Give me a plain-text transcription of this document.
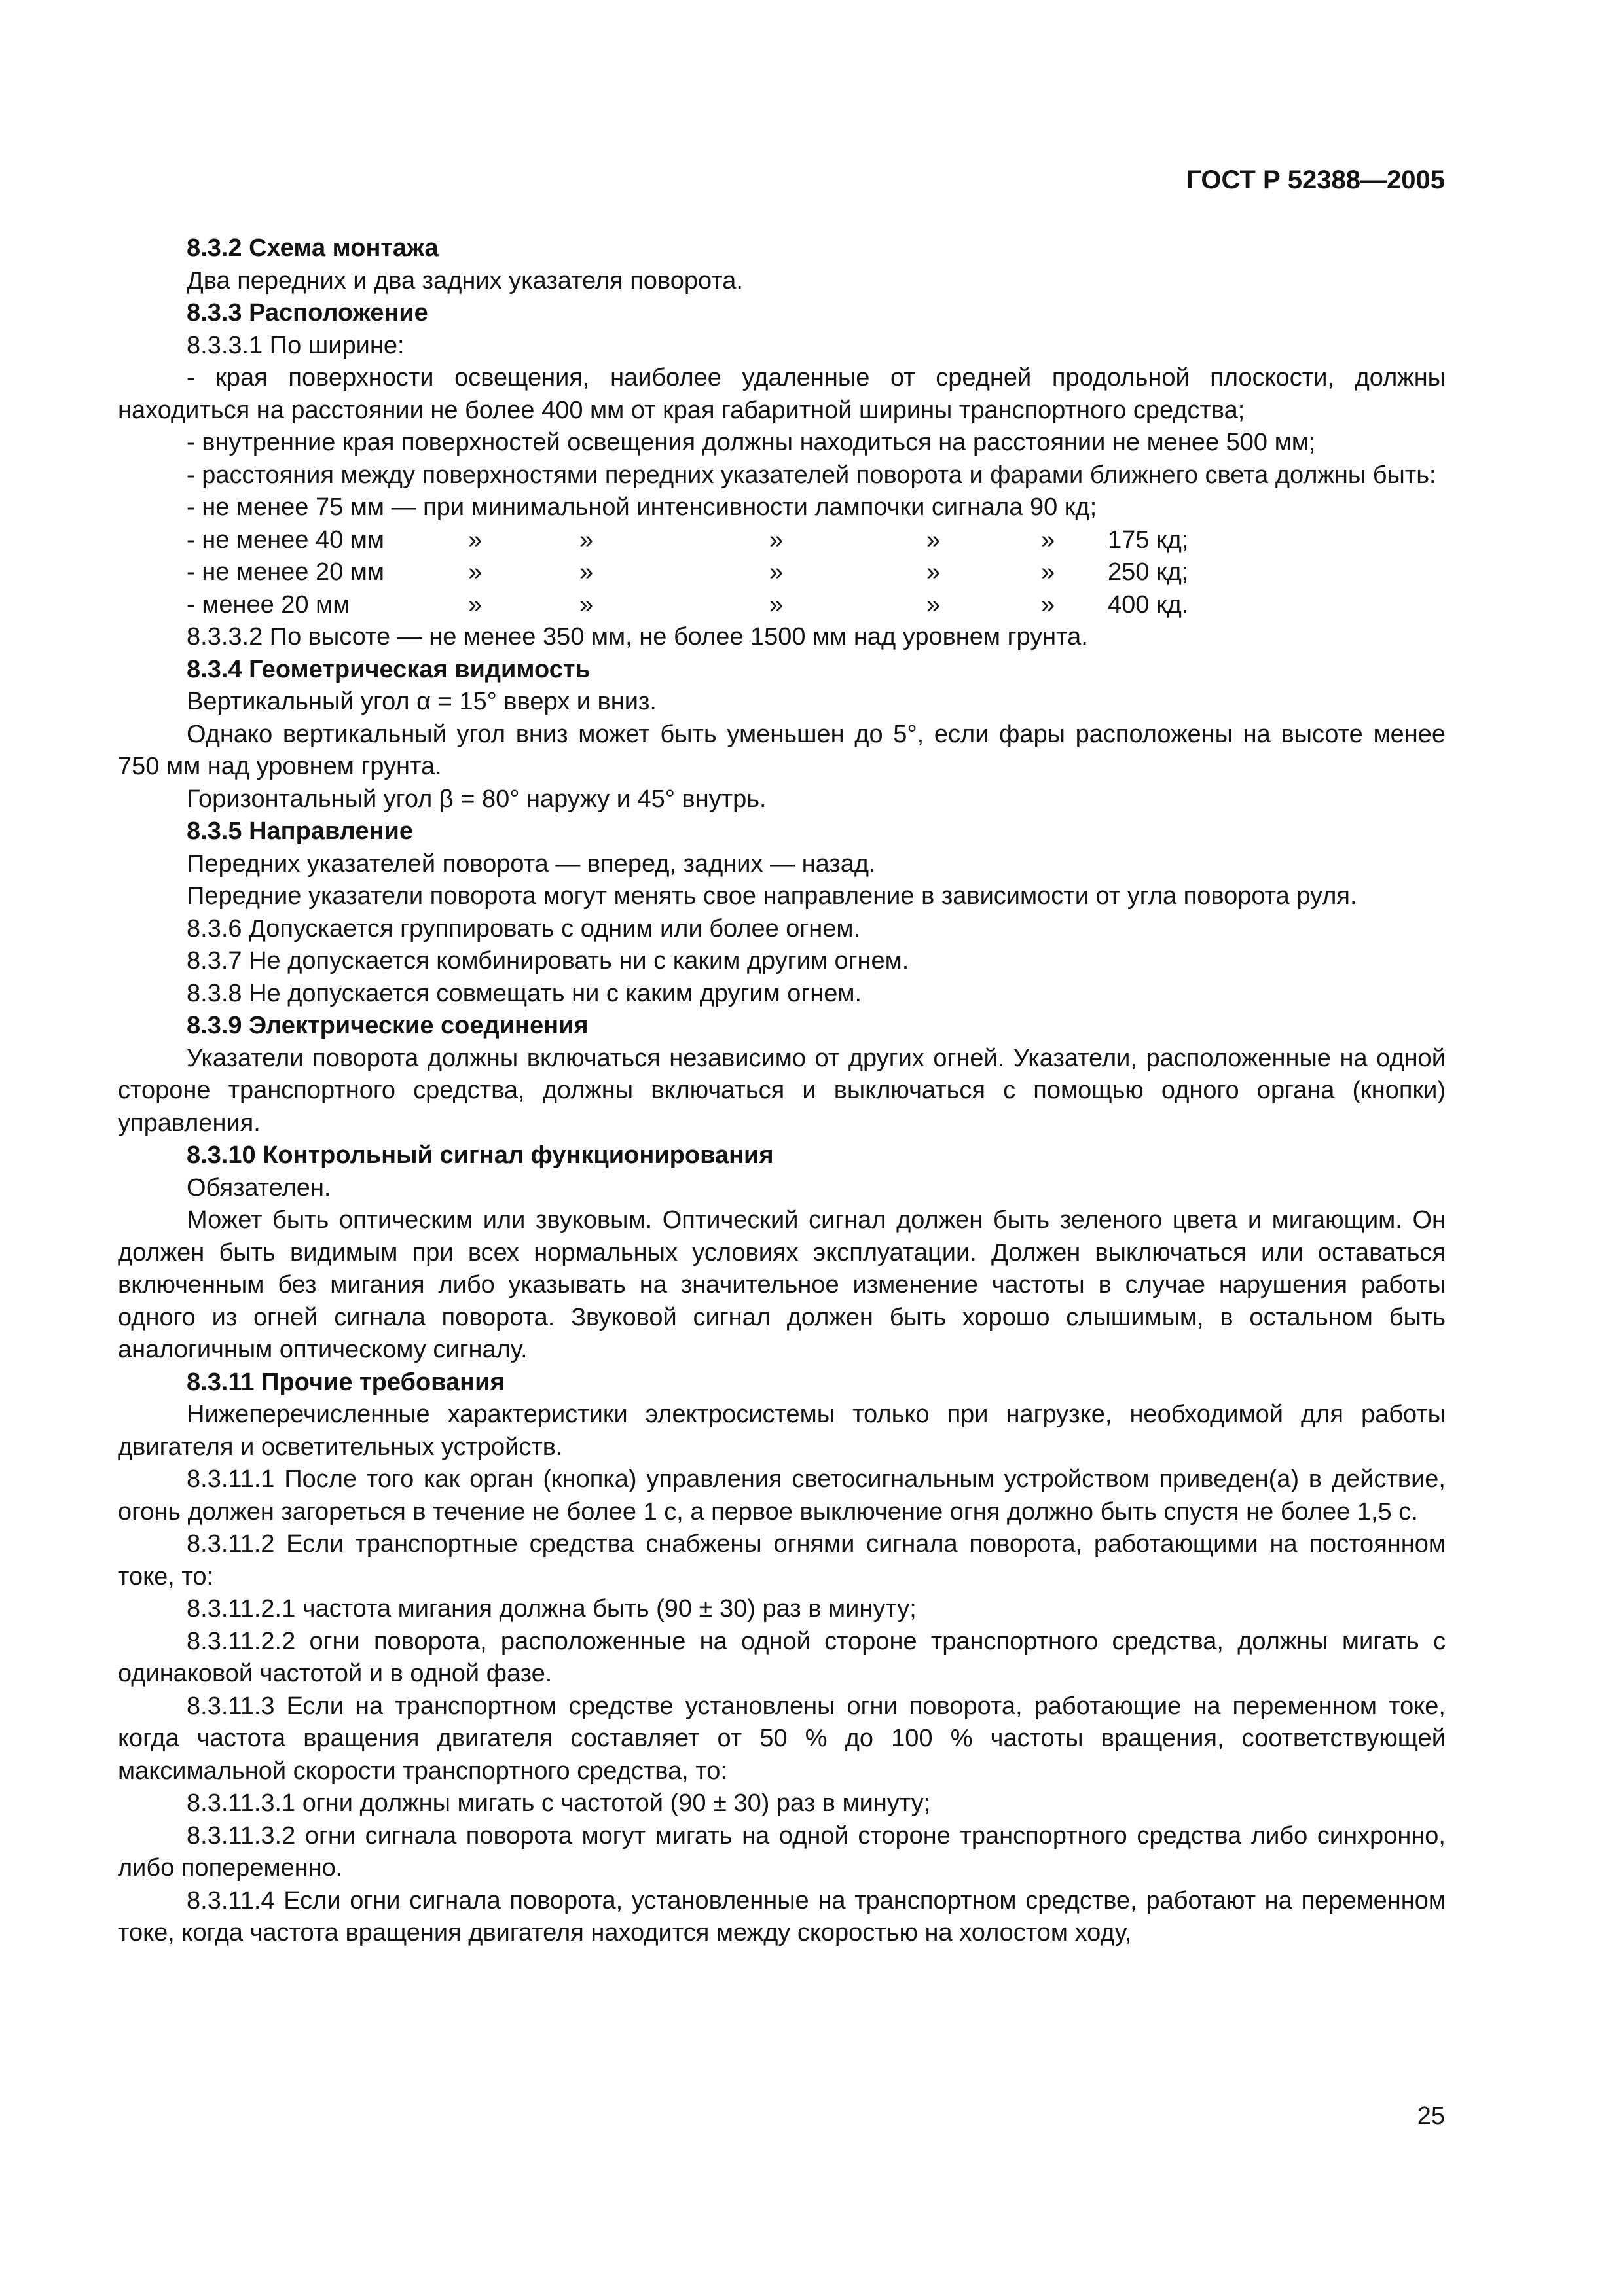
ГОСТ Р 52388—2005

8.3.2 Схема монтажа

Два передних и два задних указателя поворота.

8.3.3 Расположение

8.3.3.1 По ширине:

- края поверхности освещения, наиболее удаленные от средней продольной плоскости, должны находиться на расстоянии не более 400 мм от края габаритной ширины транспортного средства;

- внутренние края поверхностей освещения должны находиться на расстоянии не менее 500 мм;

- расстояния между поверхностями передних указателей поворота и фарами ближнего света должны быть:

- не менее 75 мм — при минимальной интенсивности лампочки сигнала 90 кд;

- не менее 40 мм	»	»	»	»	» 175 кд;
- не менее 20 мм	»	»	»	»	» 250 кд;
- менее 20 мм	»	»	»	»	» 400 кд.

8.3.3.2 По высоте — не менее 350 мм, не более 1500 мм над уровнем грунта.

8.3.4 Геометрическая видимость

Вертикальный угол α = 15° вверх и вниз.

Однако вертикальный угол вниз может быть уменьшен до 5°, если фары расположены на высоте менее 750 мм над уровнем грунта.

Горизонтальный угол β = 80° наружу и 45° внутрь.

8.3.5 Направление

Передних указателей поворота — вперед, задних — назад.

Передние указатели поворота могут менять свое направление в зависимости от угла поворота руля.

8.3.6 Допускается группировать с одним или более огнем.

8.3.7 Не допускается комбинировать ни с каким другим огнем.

8.3.8 Не допускается совмещать ни с каким другим огнем.

8.3.9 Электрические соединения

Указатели поворота должны включаться независимо от других огней. Указатели, расположенные на одной стороне транспортного средства, должны включаться и выключаться с помощью одного органа (кнопки) управления.

8.3.10 Контрольный сигнал функционирования

Обязателен.

Может быть оптическим или звуковым. Оптический сигнал должен быть зеленого цвета и мигающим. Он должен быть видимым при всех нормальных условиях эксплуатации. Должен выключаться или оставаться включенным без мигания либо указывать на значительное изменение частоты в случае нарушения работы одного из огней сигнала поворота. Звуковой сигнал должен быть хорошо слышимым, в остальном быть аналогичным оптическому сигналу.

8.3.11 Прочие требования

Нижеперечисленные характеристики электросистемы только при нагрузке, необходимой для работы двигателя и осветительных устройств.

8.3.11.1 После того как орган (кнопка) управления светосигнальным устройством приведен(а) в действие, огонь должен загореться в течение не более 1 с, а первое выключение огня должно быть спустя не более 1,5 с.

8.3.11.2 Если транспортные средства снабжены огнями сигнала поворота, работающими на постоянном токе, то:

8.3.11.2.1 частота мигания должна быть (90 ± 30) раз в минуту;

8.3.11.2.2 огни поворота, расположенные на одной стороне транспортного средства, должны мигать с одинаковой частотой и в одной фазе.

8.3.11.3 Если на транспортном средстве установлены огни поворота, работающие на переменном токе, когда частота вращения двигателя составляет от 50 % до 100 % частоты вращения, соответствующей максимальной скорости транспортного средства, то:

8.3.11.3.1 огни должны мигать с частотой (90 ± 30) раз в минуту;

8.3.11.3.2 огни сигнала поворота могут мигать на одной стороне транспортного средства либо синхронно, либо попеременно.

8.3.11.4 Если огни сигнала поворота, установленные на транспортном средстве, работают на переменном токе, когда частота вращения двигателя находится между скоростью на холостом ходу,

25
